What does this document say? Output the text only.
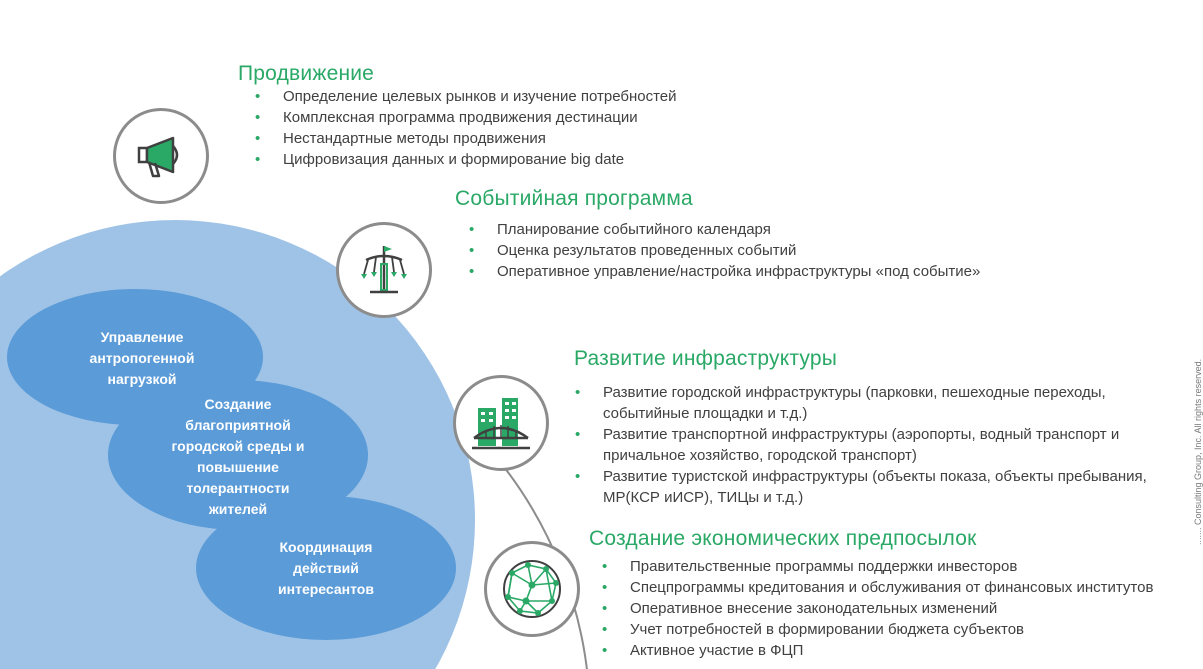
Управление
антропогенной
нагрузкой
Создание
благоприятной
городской среды и
повышение
толерантности
жителей
Координация
действий
интересантов
Продвижение
• Определение целевых рынков и изучение потребностей
• Комплексная программа продвижения дестинации
• Нестандартные методы продвижения
• Цифровизация данных и формирование big date
Событийная программа
• Планирование событийного календаря
• Оценка результатов проведенных событий
• Оперативное управление/настройка инфраструктуры «под событие»
Развитие инфраструктуры
• Развитие городской инфраструктуры (парковки, пешеходные переходы, событийные площадки и т.д.)
• Развитие транспортной инфраструктуры (аэропорты, водный транспорт и причальное хозяйство, городской транспорт)
• Развитие туристской инфраструктуры (объекты показа, объекты пребывания, МР(КСР иИСР), ТИЦы и т.д.)
Создание экономических предпосылок
• Правительственные программы поддержки инвесторов
• Спецпрограммы кредитования и обслуживания от финансовых институтов
• Оперативное внесение законодательных изменений
• Учет потребностей в формировании бюджета субъектов
• Активное участие в ФЦП
....... Consulting Group, Inc. All rights reserved.
